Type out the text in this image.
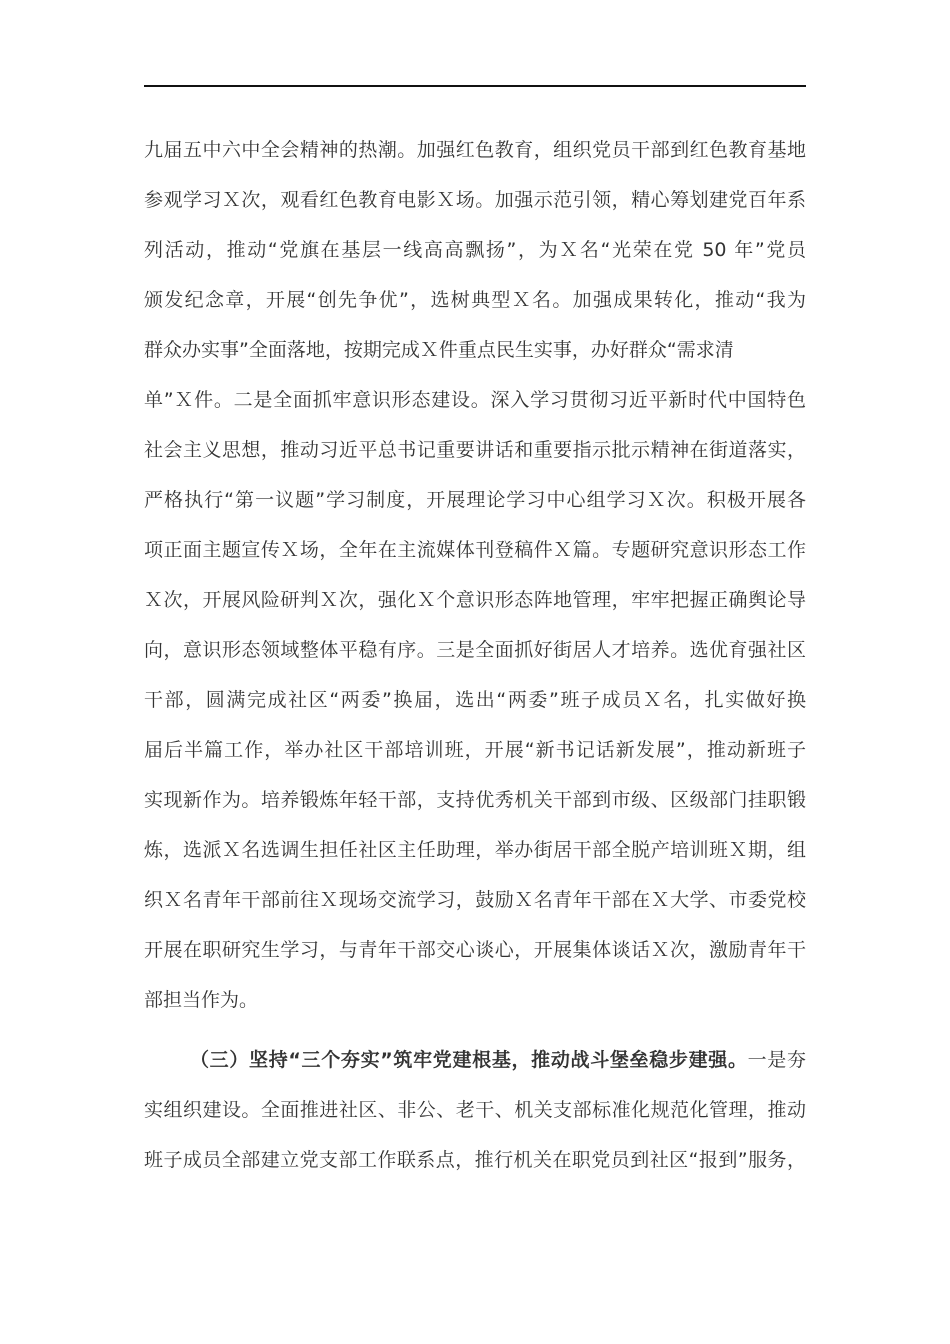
九届五中六中全会精神的热潮。加强红色教育，组织党员干部到红色教育基地
参观学习Ｘ次，观看红色教育电影Ｘ场。加强示范引领，精心筹划建党百年系
列活动，推动“党旗在基层一线高高飘扬”，为Ｘ名“光荣在党 50 年”党员
颁发纪念章，开展“创先争优”，选树典型Ｘ名。加强成果转化，推动“我为
群众办实事”全面落地，按期完成Ｘ件重点民生实事，办好群众“需求清
单”Ｘ件。二是全面抓牢意识形态建设。深入学习贯彻习近平新时代中国特色
社会主义思想，推动习近平总书记重要讲话和重要指示批示精神在街道落实，
严格执行“第一议题”学习制度，开展理论学习中心组学习Ｘ次。积极开展各
项正面主题宣传Ｘ场，全年在主流媒体刊登稿件Ｘ篇。专题研究意识形态工作
Ｘ次，开展风险研判Ｘ次，强化Ｘ个意识形态阵地管理，牢牢把握正确舆论导
向，意识形态领域整体平稳有序。三是全面抓好街居人才培养。选优育强社区
干部，圆满完成社区“两委”换届，选出“两委”班子成员Ｘ名，扎实做好换
届后半篇工作，举办社区干部培训班，开展“新书记话新发展”，推动新班子
实现新作为。培养锻炼年轻干部，支持优秀机关干部到市级、区级部门挂职锻
炼，选派Ｘ名选调生担任社区主任助理，举办街居干部全脱产培训班Ｘ期，组
织Ｘ名青年干部前往Ｘ现场交流学习，鼓励Ｘ名青年干部在Ｘ大学、市委党校
开展在职研究生学习，与青年干部交心谈心，开展集体谈话Ｘ次，激励青年干
部担当作为。
（三）坚持“三个夯实”筑牢党建根基，推动战斗堡垒稳步建强。一是夯
实组织建设。全面推进社区、非公、老干、机关支部标准化规范化管理，推动
班子成员全部建立党支部工作联系点，推行机关在职党员到社区“报到”服务，
